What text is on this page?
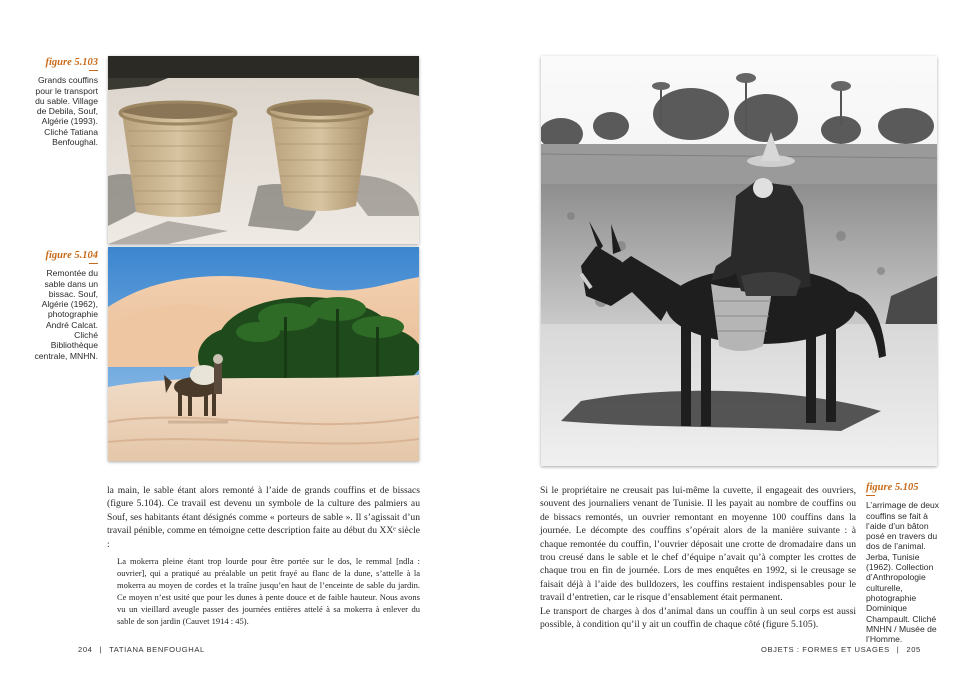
figure 5.103
Grands couffins pour le transport du sable. Village de Debila, Souf, Algérie (1993). Cliché Tatiana Benfoughal.
figure 5.104
Remontée du sable dans un bissac. Souf, Algérie (1962), photographie André Calcat. Cliché Bibliothèque centrale, MNHN.

la main, le sable étant alors remonté à l’aide de grands couffins et de bissacs (figure 5.104). Ce travail est devenu un symbole de la culture des palmiers au Souf, ses habitants étant désignés comme « porteurs de sable ». Il s’agissait d’un travail pénible, comme en témoigne cette description faite au début du XXᵉ siècle :

La mokerra pleine étant trop lourde pour être portée sur le dos, le remmal [ndla : ouvrier], qui a pratiqué au préalable un petit frayé au flanc de la dune, s’attelle à la mokerra au moyen de cordes et la traîne jusqu’en haut de l’enceinte de sable du jardin. Ce moyen n’est usité que pour les dunes à pente douce et de faible hauteur. Nous avons vu un vieillard aveugle passer des journées entières attelé à sa mokerra à enlever du sable de son jardin (Cauvet 1914 : 45).

204 | TATIANA BENFOUGHAL
figure 5.105
L’arrimage de deux couffins se fait à l’aide d’un bâton posé en travers du dos de l’animal. Jerba, Tunisie (1962). Collection d’Anthropologie culturelle, photographie Dominique Champault. Cliché MNHN / Musée de l’Homme.

Si le propriétaire ne creusait pas lui-même la cuvette, il engageait des ouvriers, souvent des journaliers venant de Tunisie. Il les payait au nombre de couffins ou de bissacs remontés, un ouvrier remontant en moyenne 100 couffins dans la journée. Le décompte des couffins s’opérait alors de la manière suivante : à chaque remontée du couffin, l’ouvrier déposait une crotte de dromadaire dans un trou creusé dans le sable et le chef d’équipe n’avait qu’à compter les crottes de chaque trou en fin de journée. Lors de mes enquêtes en 1992, si le creusage se faisait déjà à l’aide des bulldozers, les couffins restaient indispensables pour le travail d’entretien, car le risque d’ensablement était permanent.

Le transport de charges à dos d’animal dans un couffin à un seul corps est aussi possible, à condition qu’il y ait un couffin de chaque côté (figure 5.105).

OBJETS : FORMES ET USAGES | 205
